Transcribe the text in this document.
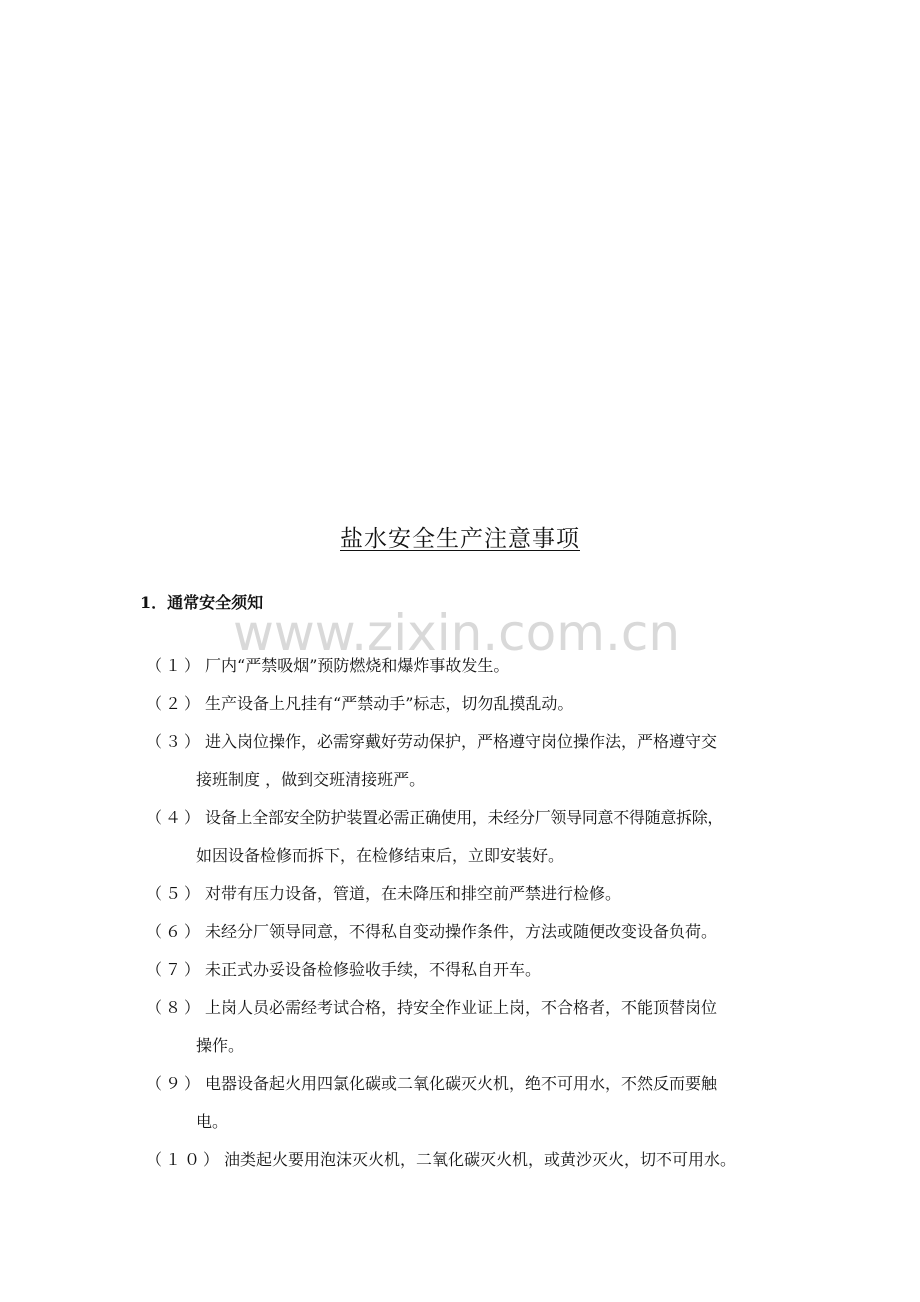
盐水安全生产注意事项
1．通常安全须知
www.zixin.com.cn
（１） 厂内“严禁吸烟”预防燃烧和爆炸事故发生。
（２） 生产设备上凡挂有“严禁动手”标志，切勿乱摸乱动。
（３） 进入岗位操作，必需穿戴好劳动保护，严格遵守岗位操作法，严格遵守交
接班制度 ，做到交班清接班严。
（４） 设备上全部安全防护装置必需正确使用，未经分厂领导同意不得随意拆除，
如因设备检修而拆下，在检修结束后，立即安装好。
（５） 对带有压力设备，管道，在未降压和排空前严禁进行检修。
（６） 未经分厂领导同意，不得私自变动操作条件，方法或随便改变设备负荷。
（７） 未正式办妥设备检修验收手续，不得私自开车。
（８） 上岗人员必需经考试合格，持安全作业证上岗，不合格者，不能顶替岗位
操作。
（９） 电器设备起火用四氯化碳或二氧化碳灭火机，绝不可用水，不然反而要触
电。
（１０） 油类起火要用泡沫灭火机，二氧化碳灭火机，或黄沙灭火，切不可用水。
